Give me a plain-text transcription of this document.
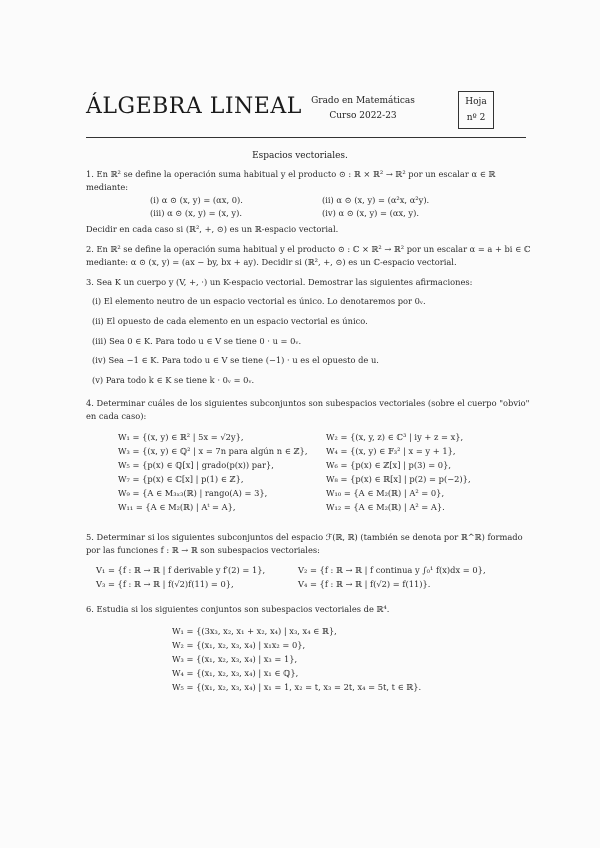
ÁLGEBRA LINEAL	Grado en Matemáticas
Curso 2022-23
Hoja
nº 2
Espacios vectoriales.
1. En ℝ² se define la operación suma habitual y el producto ⊙ : ℝ × ℝ² → ℝ² por un escalar α ∈ ℝ
mediante:
(i) α ⊙ (x, y) = (αx, 0).	(ii) α ⊙ (x, y) = (α²x, α²y).
(iii) α ⊙ (x, y) = (x, y).	(iv) α ⊙ (x, y) = (αx, y).
Decidir en cada caso si (ℝ², +, ⊙) es un ℝ-espacio vectorial.
2. En ℝ² se define la operación suma habitual y el producto ⊙ : ℂ × ℝ² → ℝ² por un escalar α = a + bi ∈ ℂ
mediante: α ⊙ (x, y) = (ax − by, bx + ay). Decidir si (ℝ², +, ⊙) es un ℂ-espacio vectorial.
3. Sea K un cuerpo y (V, +, ·) un K-espacio vectorial. Demostrar las siguientes afirmaciones:
(i) El elemento neutro de un espacio vectorial es único. Lo denotaremos por 0ᵥ.
(ii) El opuesto de cada elemento en un espacio vectorial es único.
(iii) Sea 0 ∈ K. Para todo u ∈ V se tiene 0 · u = 0ᵥ.
(iv) Sea −1 ∈ K. Para todo u ∈ V se tiene (−1) · u es el opuesto de u.
(v) Para todo k ∈ K se tiene k · 0ᵥ = 0ᵥ.
4. Determinar cuáles de los siguientes subconjuntos son subespacios vectoriales (sobre el cuerpo "obvio"
en cada caso):
W₁ = {(x, y) ∈ ℝ² | 5x = √2y},	W₂ = {(x, y, z) ∈ ℂ³ | iy + z = x},
W₃ = {(x, y) ∈ ℚ² | x = 7n para algún n ∈ ℤ}, W₄ = {(x, y) ∈ 𝔽₃² | x = y + 1},
W₅ = {p(x) ∈ ℚ[x] | grado(p(x)) par},	W₆ = {p(x) ∈ ℤ[x] | p(3) = 0},
W₇ = {p(x) ∈ ℂ[x] | p(1) ∈ ℤ},	W₈ = {p(x) ∈ ℝ[x] | p(2) = p(−2)},
W₉ = {A ∈ M₃ₓ₃(ℝ) | rango(A) = 3},	W₁₀ = {A ∈ M₂(ℝ) | A² = 0},
W₁₁ = {A ∈ M₂(ℝ) | Aᵗ = A},	W₁₂ = {A ∈ M₂(ℝ) | A² = A}.
5. Determinar si los siguientes subconjuntos del espacio ℱ(ℝ, ℝ) (también se denota por ℝ^ℝ) formado
por las funciones f : ℝ → ℝ son subespacios vectoriales:
V₁ = {f : ℝ → ℝ | f derivable y f′(2) = 1},	V₂ = {f : ℝ → ℝ | f continua y ∫₀¹ f(x)dx = 0},
V₃ = {f : ℝ → ℝ | f(√2)f(11) = 0},	V₄ = {f : ℝ → ℝ | f(√2) = f(11)}.
6. Estudia si los siguientes conjuntos son subespacios vectoriales de ℝ⁴.
W₁ = {(3x₃, x₂, x₁ + x₂, x₄) | x₃, x₄ ∈ ℝ},
W₂ = {(x₁, x₂, x₃, x₄) | x₁x₂ = 0},
W₃ = {(x₁, x₂, x₃, x₄) | x₃ = 1},
W₄ = {(x₁, x₂, x₃, x₄) | x₁ ∈ ℚ},
W₅ = {(x₁, x₂, x₃, x₄) | x₁ = 1, x₂ = t, x₃ = 2t, x₄ = 5t, t ∈ ℝ}.
